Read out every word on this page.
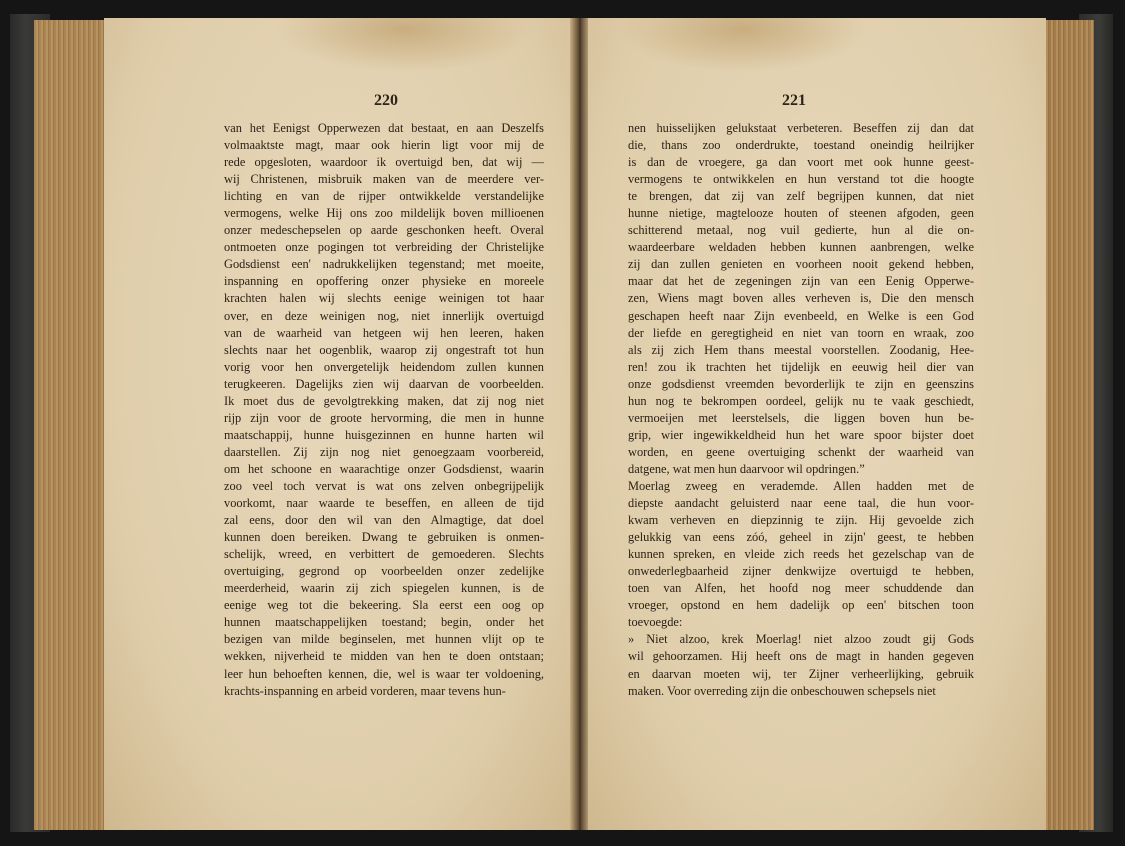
220
van het Eenigst Opperwezen dat bestaat, en aan Deszelfs
volmaaktste magt, maar ook hierin ligt voor mij de
rede opgesloten, waardoor ik overtuigd ben, dat wij —
wij Christenen, misbruik maken van de meerdere ver-
lichting en van de rijper ontwikkelde verstandelijke
vermogens, welke Hij ons zoo mildelijk boven millioenen
onzer medeschepselen op aarde geschonken heeft. Overal
ontmoeten onze pogingen tot verbreiding der Christelijke
Godsdienst een' nadrukkelijken tegenstand; met moeite,
inspanning en opoffering onzer physieke en moreele
krachten halen wij slechts eenige weinigen tot haar
over, en deze weinigen nog, niet innerlijk overtuigd
van de waarheid van hetgeen wij hen leeren, haken
slechts naar het oogenblik, waarop zij ongestraft tot hun
vorig voor hen onvergetelijk heidendom zullen kunnen
terugkeeren. Dagelijks zien wij daarvan de voorbeelden.
Ik moet dus de gevolgtrekking maken, dat zij nog niet
rijp zijn voor de groote hervorming, die men in hunne
maatschappij, hunne huisgezinnen en hunne harten wil
daarstellen. Zij zijn nog niet genoegzaam voorbereid,
om het schoone en waarachtige onzer Godsdienst, waarin
zoo veel toch vervat is wat ons zelven onbegrijpelijk
voorkomt, naar waarde te beseffen, en alleen de tijd
zal eens, door den wil van den Almagtige, dat doel
kunnen doen bereiken. Dwang te gebruiken is onmen-
schelijk, wreed, en verbittert de gemoederen. Slechts
overtuiging, gegrond op voorbeelden onzer zedelijke
meerderheid, waarin zij zich spiegelen kunnen, is de
eenige weg tot die bekeering. Sla eerst een oog op
hunnen maatschappelijken toestand; begin, onder het
bezigen van milde beginselen, met hunnen vlijt op te
wekken, nijverheid te midden van hen te doen ontstaan;
leer hun behoeften kennen, die, wel is waar ter voldoening,
krachts-inspanning en arbeid vorderen, maar tevens hun-
221
nen huisselijken gelukstaat verbeteren. Beseffen zij dan dat
die, thans zoo onderdrukte, toestand oneindig heilrijker
is dan de vroegere, ga dan voort met ook hunne geest-
vermogens te ontwikkelen en hun verstand tot die hoogte
te brengen, dat zij van zelf begrijpen kunnen, dat niet
hunne nietige, magtelooze houten of steenen afgoden, geen
schitterend metaal, nog vuil gedierte, hun al die on-
waardeerbare weldaden hebben kunnen aanbrengen, welke
zij dan zullen genieten en voorheen nooit gekend hebben,
maar dat het de zegeningen zijn van een Eenig Opperwe-
zen, Wiens magt boven alles verheven is, Die den mensch
geschapen heeft naar Zijn evenbeeld, en Welke is een God
der liefde en geregtigheid en niet van toorn en wraak, zoo
als zij zich Hem thans meestal voorstellen. Zoodanig, Hee-
ren! zou ik trachten het tijdelijk en eeuwig heil dier van
onze godsdienst vreemden bevorderlijk te zijn en geenszins
hun nog te bekrompen oordeel, gelijk nu te vaak geschiedt,
vermoeijen met leerstelsels, die liggen boven hun be-
grip, wier ingewikkeldheid hun het ware spoor bijster doet
worden, en geene overtuiging schenkt der waarheid van
datgene, wat men hun daarvoor wil opdringen.”
Moerlag zweeg en verademde. Allen hadden met de
diepste aandacht geluisterd naar eene taal, die hun voor-
kwam verheven en diepzinnig te zijn. Hij gevoelde zich
gelukkig van eens zóó, geheel in zijn' geest, te hebben
kunnen spreken, en vleide zich reeds het gezelschap van de
onwederlegbaarheid zijner denkwijze overtuigd te hebben,
toen van Alfen, het hoofd nog meer schuddende dan
vroeger, opstond en hem dadelijk op een' bitschen toon
toevoegde:
» Niet alzoo, krek Moerlag! niet alzoo zoudt gij Gods
wil gehoorzamen. Hij heeft ons de magt in handen gegeven
en daarvan moeten wij, ter Zijner verheerlijking, gebruik
maken. Voor overreding zijn die onbeschouwen schepsels niet
